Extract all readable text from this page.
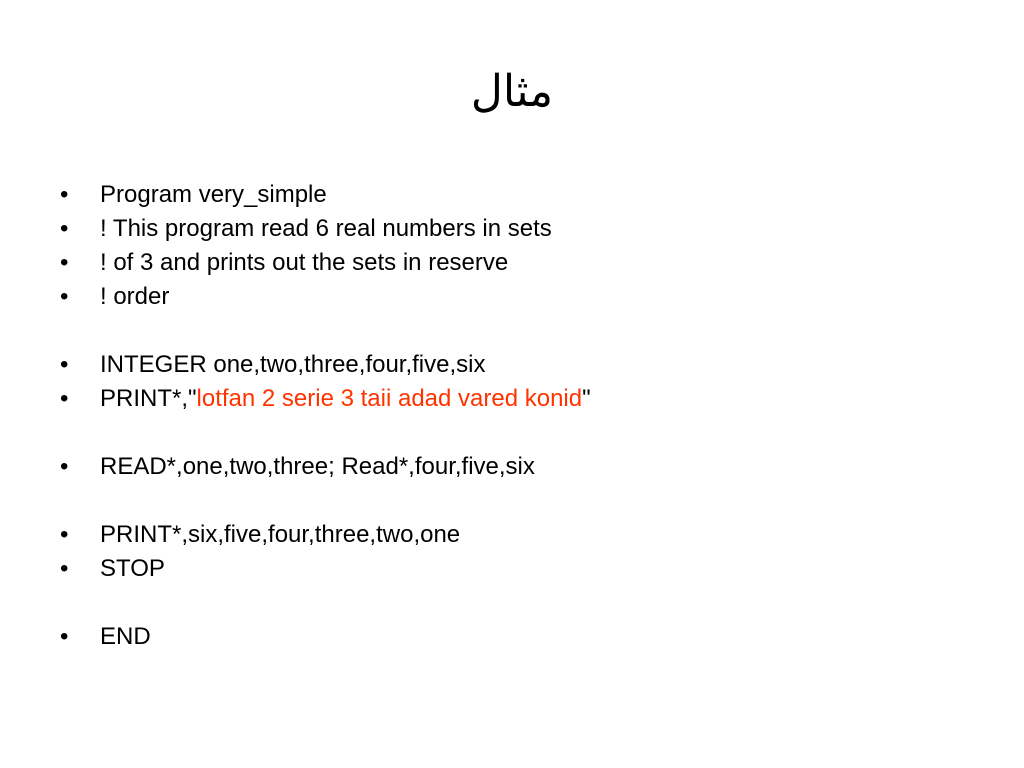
مثال
•	Program very_simple
•	! This program read 6 real numbers in sets
•	! of 3 and prints out the sets in reserve
•	! order
•	INTEGER one,two,three,four,five,six
•	PRINT*,"lotfan 2 serie 3 taii adad vared konid"
•	READ*,one,two,three; Read*,four,five,six
•	PRINT*,six,five,four,three,two,one
•	STOP
•	END
